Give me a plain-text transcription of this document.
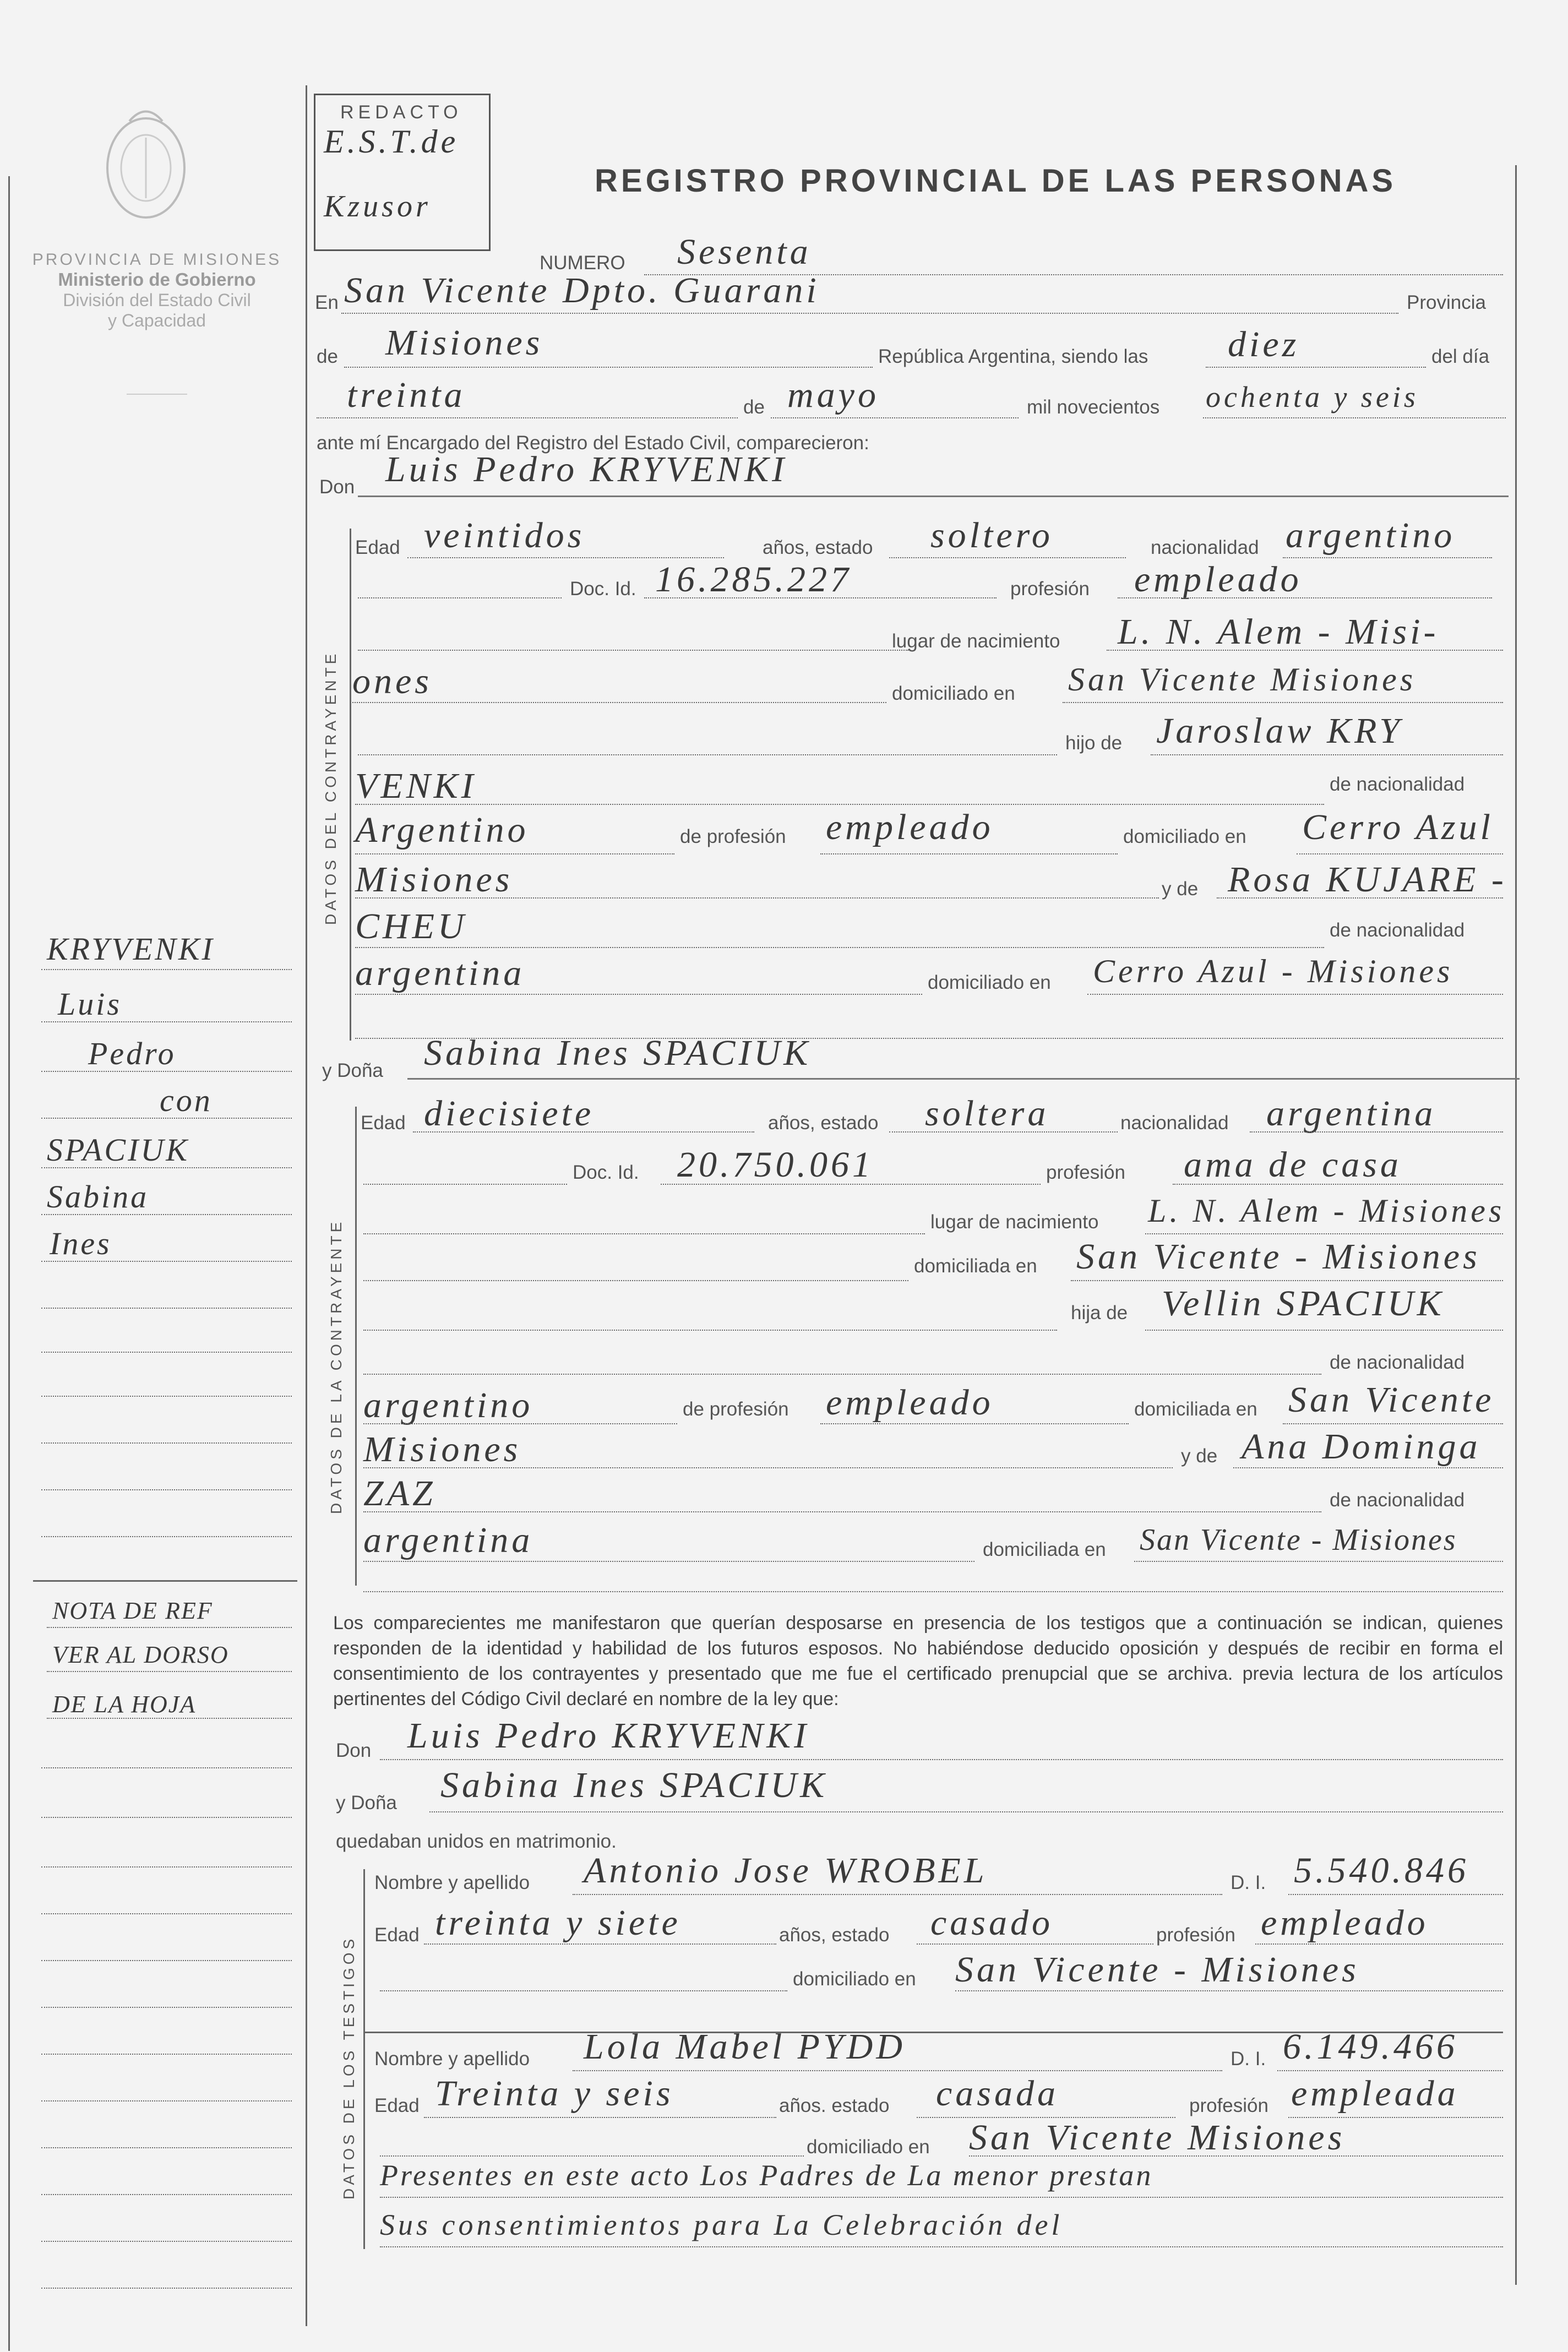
PROVINCIA DE MISIONES
Ministerio de Gobierno
División del Estado Civil
y Capacidad
REDACTO
E.S.T.de
Kzusor
REGISTRO PROVINCIAL DE LAS PERSONAS
NUMERO Sesenta
En San Vicente Dpto. Guarani	Provincia
de Misiones	República Argentina, siendo las diez	del día
treinta	de mayo	mil novecientos ochenta y seis
ante mí Encargado del Registro del Estado Civil, comparecieron:
Don Luis Pedro KRYVENKI
DATOS DEL CONTRAYENTE
Edad veintidos	años, estado soltero	nacionalidad argentino
Doc. Id. 16.285.227	profesión empleado
lugar de nacimiento L. N. Alem - Misi-
ones	domiciliado en San Vicente Misiones
hijo de Jaroslaw KRY
VENKI	de nacionalidad
Argentino	de profesión empleado	domiciliado en Cerro Azul
Misiones	y de Rosa KUJARE -
CHEU	de nacionalidad
argentina	domiciliado en Cerro Azul - Misiones
y Doña Sabina Ines SPACIUK
DATOS DE LA CONTRAYENTE
Edad diecisiete	años, estado soltera	nacionalidad argentina
Doc. Id. 20.750.061	profesión ama de casa
lugar de nacimiento L. N. Alem - Misiones
domiciliada en San Vicente - Misiones
hija de Vellin SPACIUK
de nacionalidad
argentino	de profesión empleado	domiciliada en San Vicente
Misiones	y de Ana Dominga
ZAZ	de nacionalidad
argentina	domiciliada en San Vicente - Misiones
Los comparecientes me manifestaron que querían desposarse en presencia de los testigos que a continuación se indican, quienes responden de la identidad y habilidad de los futuros esposos. No habiéndose deducido oposición y después de recibir en forma el consentimiento de los contrayentes y presentado que me fue el certificado prenupcial que se archiva. previa lectura de los artículos pertinentes del Código Civil declaré en nombre de la ley que:
Don Luis Pedro KRYVENKI
y Doña Sabina Ines SPACIUK
quedaban unidos en matrimonio.
DATOS DE LOS TESTIGOS
Nombre y apellido Antonio Jose WROBEL	D. I. 5.540.846
Edad treinta y siete	años, estado casado	profesión empleado
domiciliado en San Vicente - Misiones
Nombre y apellido Lola Mabel PYDD	D. I. 6.149.466
Edad Treinta y seis	años. estado casada	profesión empleada
domiciliado en San Vicente Misiones
Presentes en este acto Los Padres de La menor prestan
Sus consentimientos para La Celebración del
KRYVENKI
Luis
Pedro
con
SPACIUK
Sabina
Ines
NOTA DE REF
VER AL DORSO
DE LA HOJA
